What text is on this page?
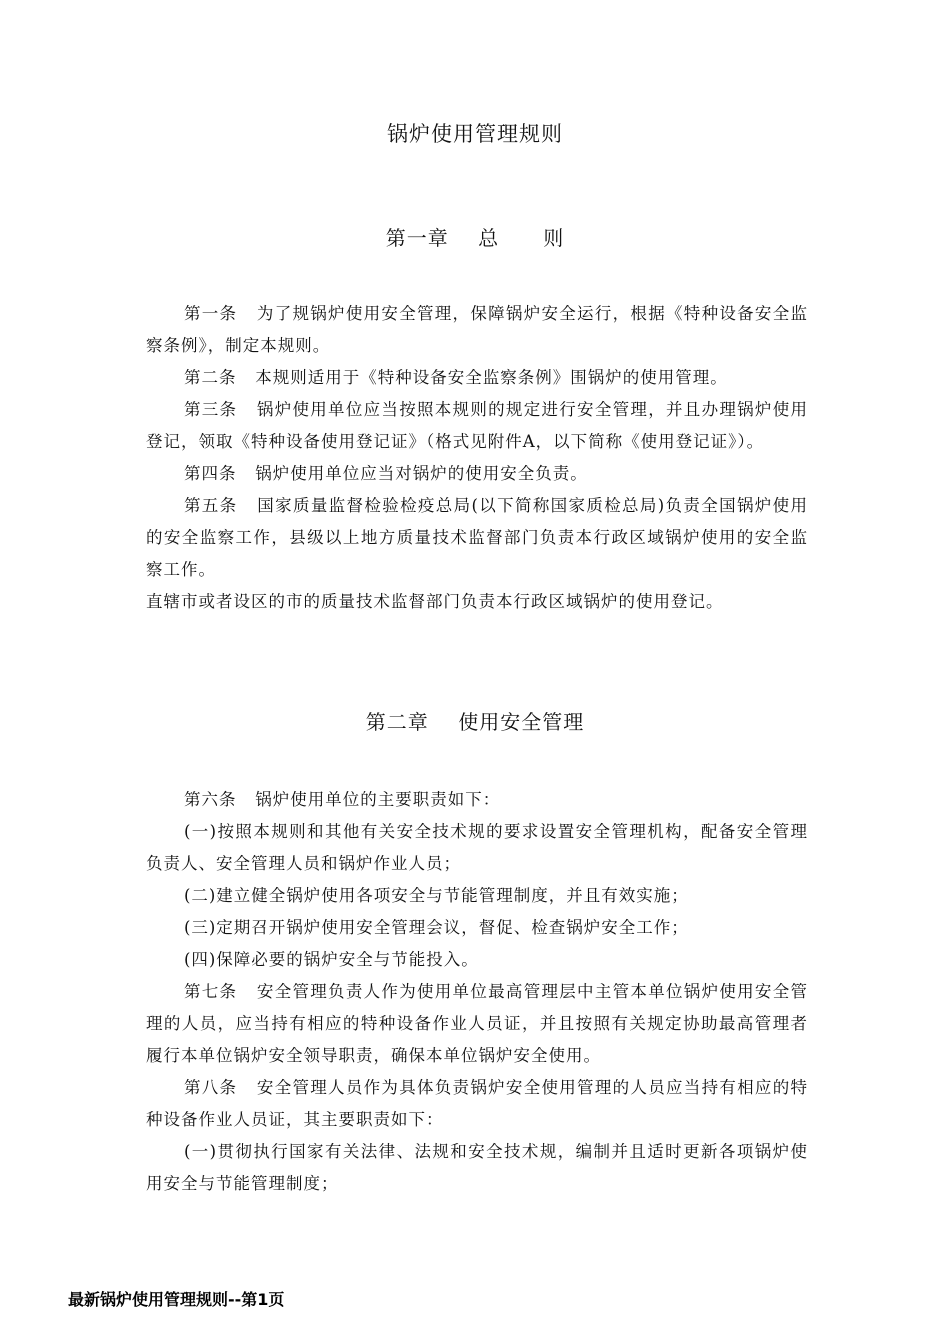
锅炉使用管理规则
第一章    总      则

第一条   为了规锅炉使用安全管理，保障锅炉安全运行，根据《特种设备安全监察条例》，制定本规则。

第二条   本规则适用于《特种设备安全监察条例》围锅炉的使用管理。

第三条   锅炉使用单位应当按照本规则的规定进行安全管理，并且办理锅炉使用登记，领取《特种设备使用登记证》（格式见附件A，以下简称《使用登记证》）。

第四条   锅炉使用单位应当对锅炉的使用安全负责。

第五条   国家质量监督检验检疫总局(以下简称国家质检总局)负责全国锅炉使用的安全监察工作，县级以上地方质量技术监督部门负责本行政区域锅炉使用的安全监察工作。

直辖市或者设区的市的质量技术监督部门负责本行政区域锅炉的使用登记。

第二章    使用安全管理

第六条   锅炉使用单位的主要职责如下：

(一)按照本规则和其他有关安全技术规的要求设置安全管理机构，配备安全管理负责人、安全管理人员和锅炉作业人员；

(二)建立健全锅炉使用各项安全与节能管理制度，并且有效实施；

(三)定期召开锅炉使用安全管理会议，督促、检查锅炉安全工作；

(四)保障必要的锅炉安全与节能投入。

第七条   安全管理负责人作为使用单位最高管理层中主管本单位锅炉使用安全管理的人员，应当持有相应的特种设备作业人员证，并且按照有关规定协助最高管理者履行本单位锅炉安全领导职责，确保本单位锅炉安全使用。

第八条   安全管理人员作为具体负责锅炉安全使用管理的人员应当持有相应的特种设备作业人员证，其主要职责如下：

(一)贯彻执行国家有关法律、法规和安全技术规，编制并且适时更新各项锅炉使用安全与节能管理制度；

最新锅炉使用管理规则--第1页
